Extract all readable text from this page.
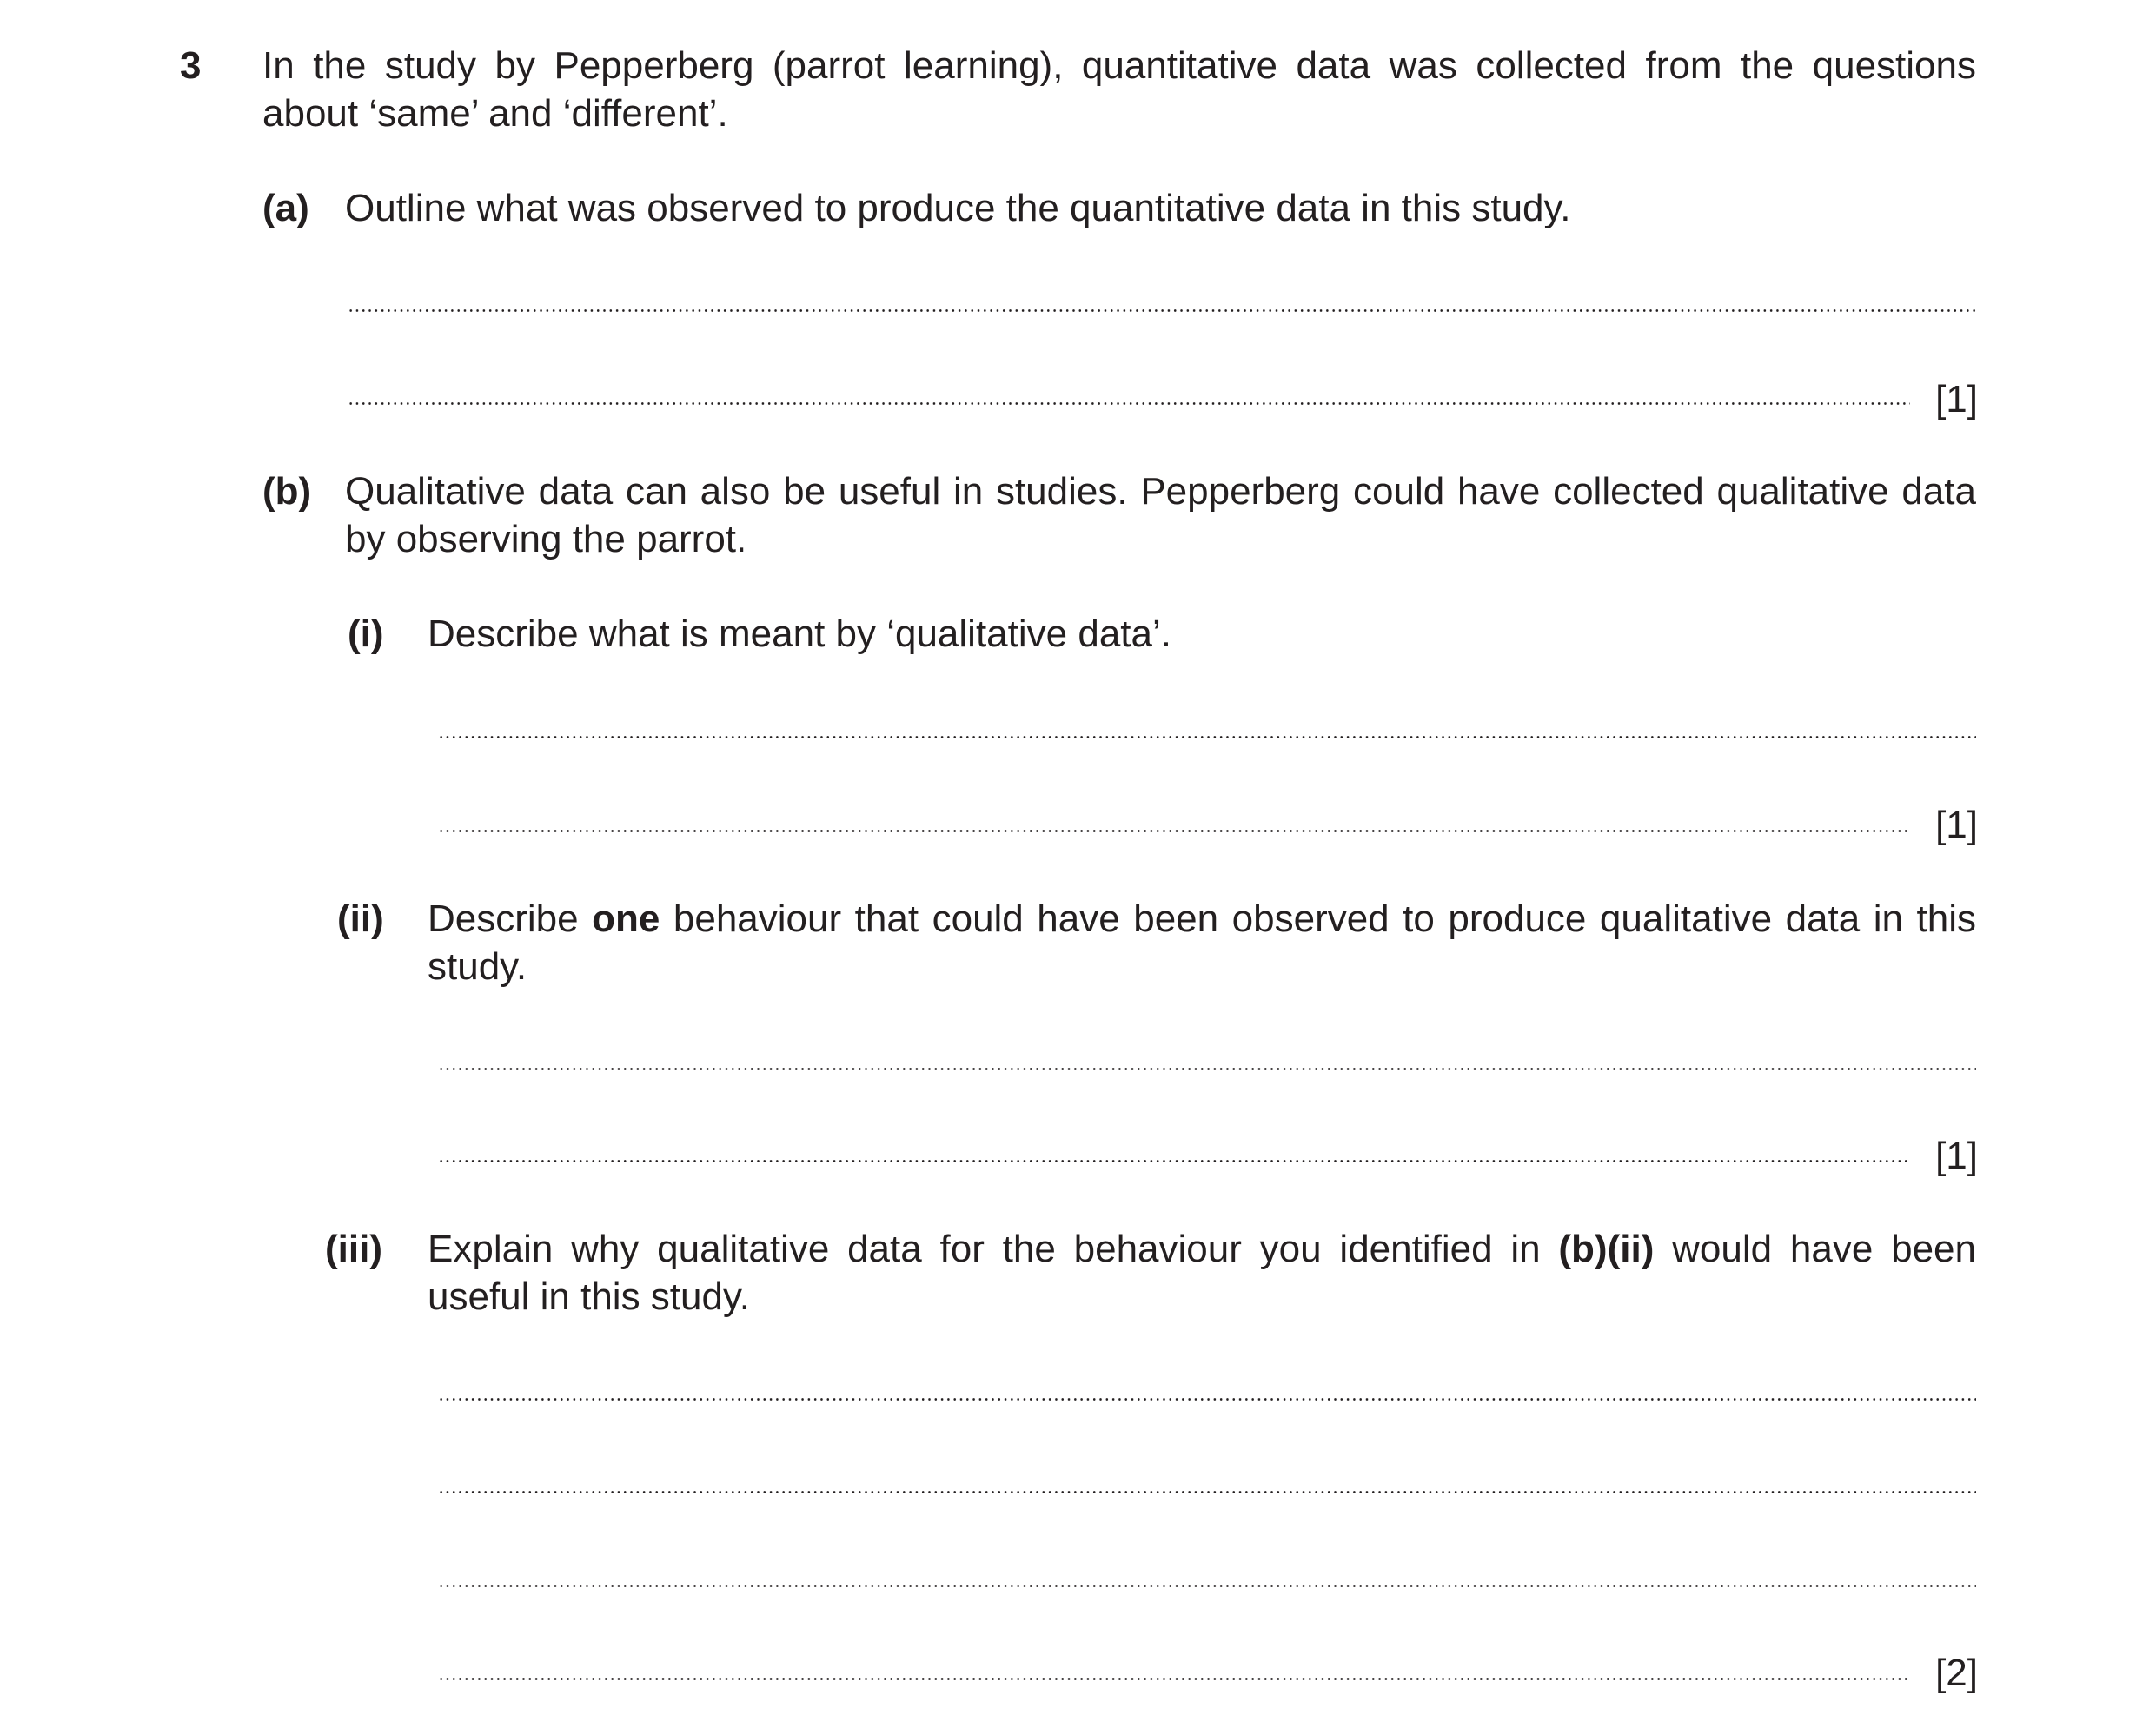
3 In the study by Pepperberg (parrot learning), quantitative data was collected from the questions about ‘same’ and ‘different’.
(a) Outline what was observed to produce the quantitative data in this study.
[1]
(b) Qualitative data can also be useful in studies. Pepperberg could have collected qualitative data by observing the parrot.
(i) Describe what is meant by ‘qualitative data’.
[1]
(ii) Describe one behaviour that could have been observed to produce qualitative data in this study.
[1]
(iii) Explain why qualitative data for the behaviour you identified in (b)(ii) would have been useful in this study.
[2]
